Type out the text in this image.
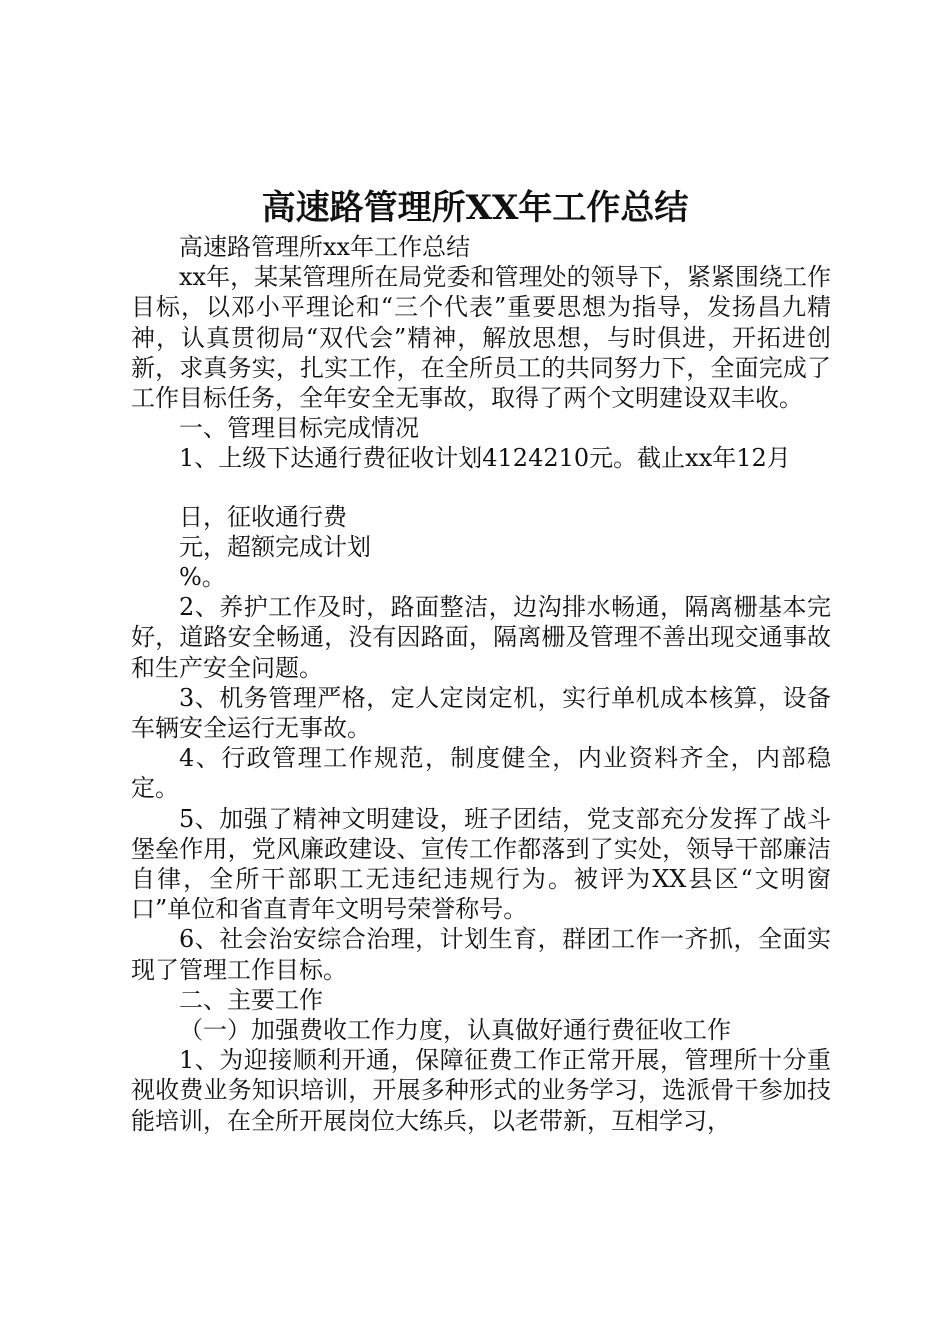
高速路管理所XX年工作总结

高速路管理所xx年工作总结

xx年，某某管理所在局党委和管理处的领导下，紧紧围绕工作目标，以邓小平理论和“三个代表”重要思想为指导，发扬昌九精神，认真贯彻局“双代会”精神，解放思想，与时俱进，开拓进创新，求真务实，扎实工作，在全所员工的共同努力下，全面完成了工作目标任务，全年安全无事故，取得了两个文明建设双丰收。

一、管理目标完成情况

1、上级下达通行费征收计划4124210元。截止xx年12月

日，征收通行费

元，超额完成计划

%。

2、养护工作及时，路面整洁，边沟排水畅通，隔离栅基本完好，道路安全畅通，没有因路面，隔离栅及管理不善出现交通事故和生产安全问题。

3、机务管理严格，定人定岗定机，实行单机成本核算，设备车辆安全运行无事故。

4、行政管理工作规范，制度健全，内业资料齐全，内部稳定。

5、加强了精神文明建设，班子团结，党支部充分发挥了战斗堡垒作用，党风廉政建设、宣传工作都落到了实处，领导干部廉洁自律，全所干部职工无违纪违规行为。被评为XX县区“文明窗口”单位和省直青年文明号荣誉称号。

6、社会治安综合治理，计划生育，群团工作一齐抓，全面实现了管理工作目标。

二、主要工作

（一）加强费收工作力度，认真做好通行费征收工作

1、为迎接顺利开通，保障征费工作正常开展，管理所十分重视收费业务知识培训，开展多种形式的业务学习，选派骨干参加技能培训，在全所开展岗位大练兵，以老带新，互相学习，
